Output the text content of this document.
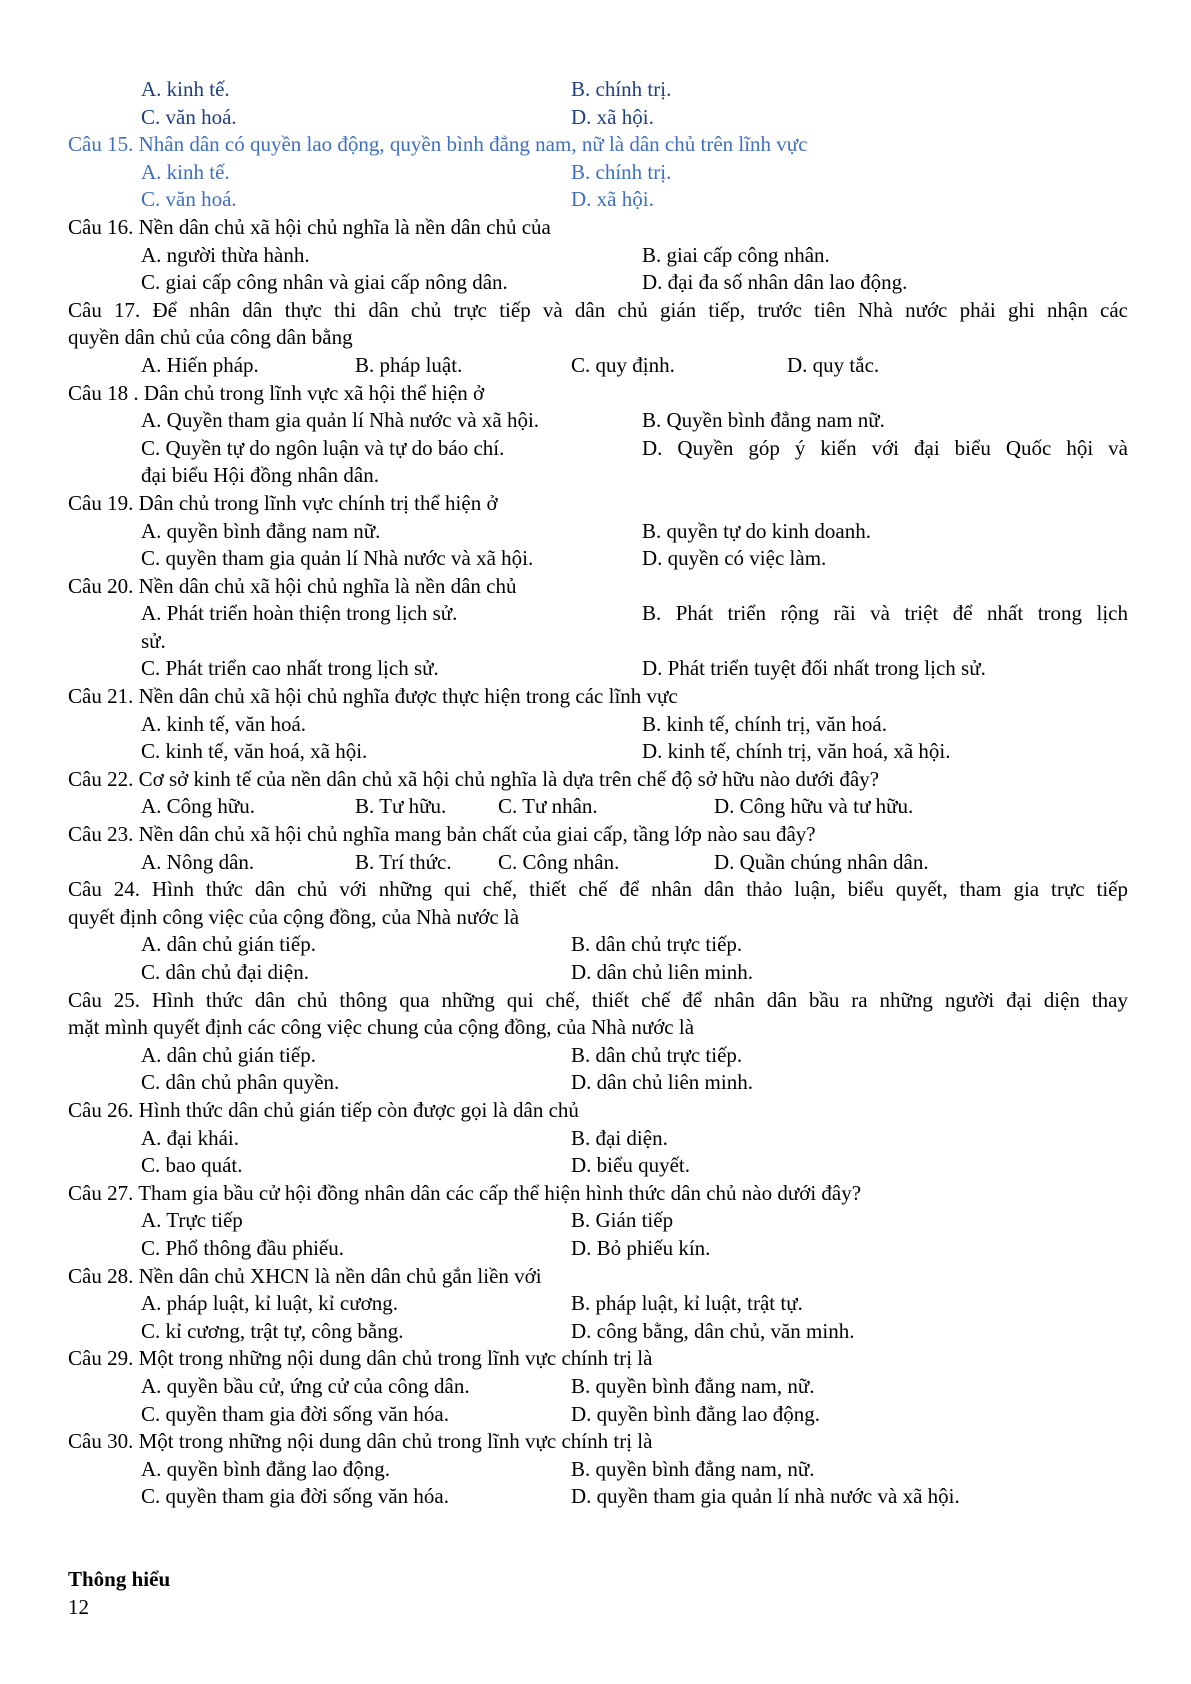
A. kinh tế.	B. chính trị.
C. văn hoá.	D. xã hội.
Câu 15. Nhân dân có quyền lao động, quyền bình đẳng nam, nữ là dân chủ trên lĩnh vực
A. kinh tế.	B. chính trị.
C. văn hoá.	D. xã hội.
Câu 16. Nền dân chủ xã hội chủ nghĩa là nền dân chủ của
A. người thừa hành.	B. giai cấp công nhân.
C. giai cấp công nhân và giai cấp nông dân.	D. đại đa số nhân dân lao động.
Câu 17. Để nhân dân thực thi dân chủ trực tiếp và dân chủ gián tiếp, trước tiên Nhà nước phải ghi nhận các
quyền dân chủ của công dân bằng
A. Hiến pháp.	B. pháp luật.	C. quy định.	D. quy tắc.
Câu 18 . Dân chủ trong lĩnh vực xã hội thể hiện ở
A. Quyền tham gia quản lí Nhà nước và xã hội.	B. Quyền bình đẳng nam nữ.
C. Quyền tự do ngôn luận và tự do báo chí.	D. Quyền góp ý kiến với đại biểu Quốc hội và
đại biểu Hội đồng nhân dân.
Câu 19. Dân chủ trong lĩnh vực chính trị thể hiện ở
A. quyền bình đẳng nam nữ.	B. quyền tự do kinh doanh.
C. quyền tham gia quản lí Nhà nước và xã hội.	D. quyền có việc làm.
Câu 20. Nền dân chủ xã hội chủ nghĩa là nền dân chủ
A. Phát triển hoàn thiện trong lịch sử.	B. Phát triển rộng rãi và triệt để nhất trong lịch
sử.
C. Phát triển cao nhất trong lịch sử.	D. Phát triển tuyệt đối nhất trong lịch sử.
Câu 21. Nền dân chủ xã hội chủ nghĩa được thực hiện trong các lĩnh vực
A. kinh tế, văn hoá.	B. kinh tế, chính trị, văn hoá.
C. kinh tế, văn hoá, xã hội.	D. kinh tế, chính trị, văn hoá, xã hội.
Câu 22. Cơ sở kinh tế của nền dân chủ xã hội chủ nghĩa là dựa trên chế độ sở hữu nào dưới đây?
A. Công hữu.	B. Tư hữu. C. Tư nhân.	D. Công hữu và tư hữu.
Câu 23. Nền dân chủ xã hội chủ nghĩa mang bản chất của giai cấp, tầng lớp nào sau đây?
A. Nông dân.	B. Trí thức. C. Công nhân.	D. Quần chúng nhân dân.
Câu 24. Hình thức dân chủ với những qui chế, thiết chế để nhân dân thảo luận, biểu quyết, tham gia trực tiếp
quyết định công việc của cộng đồng, của Nhà nước là
A. dân chủ gián tiếp.	B. dân chủ trực tiếp.
C. dân chủ đại diện.	D. dân chủ liên minh.
Câu 25. Hình thức dân chủ thông qua những qui chế, thiết chế để nhân dân bầu ra những người đại diện thay
mặt mình quyết định các công việc chung của cộng đồng, của Nhà nước là
A. dân chủ gián tiếp.	B. dân chủ trực tiếp.
C. dân chủ phân quyền.	D. dân chủ liên minh.
Câu 26. Hình thức dân chủ gián tiếp còn được gọi là dân chủ
A. đại khái.	B. đại diện.
C. bao quát.	D. biểu quyết.
Câu 27. Tham gia bầu cử hội đồng nhân dân các cấp thể hiện hình thức dân chủ nào dưới đây?
A. Trực tiếp	B. Gián tiếp
C. Phổ thông đầu phiếu.	D. Bỏ phiếu kín.
Câu 28. Nền dân chủ XHCN là nền dân chủ gắn liền với
A. pháp luật, kỉ luật, kỉ cương.	B. pháp luật, kỉ luật, trật tự.
C. kỉ cương, trật tự, công bằng.	D. công bằng, dân chủ, văn minh.
Câu 29. Một trong những nội dung dân chủ trong lĩnh vực chính trị là
A. quyền bầu cử, ứng cử của công dân.	B. quyền bình đẳng nam, nữ.
C. quyền tham gia đời sống văn hóa.	D. quyền bình đẳng lao động.
Câu 30. Một trong những nội dung dân chủ trong lĩnh vực chính trị là
A. quyền bình đẳng lao động.	B. quyền bình đẳng nam, nữ.
C. quyền tham gia đời sống văn hóa.	D. quyền tham gia quản lí nhà nước và xã hội.
Thông hiểu
12
